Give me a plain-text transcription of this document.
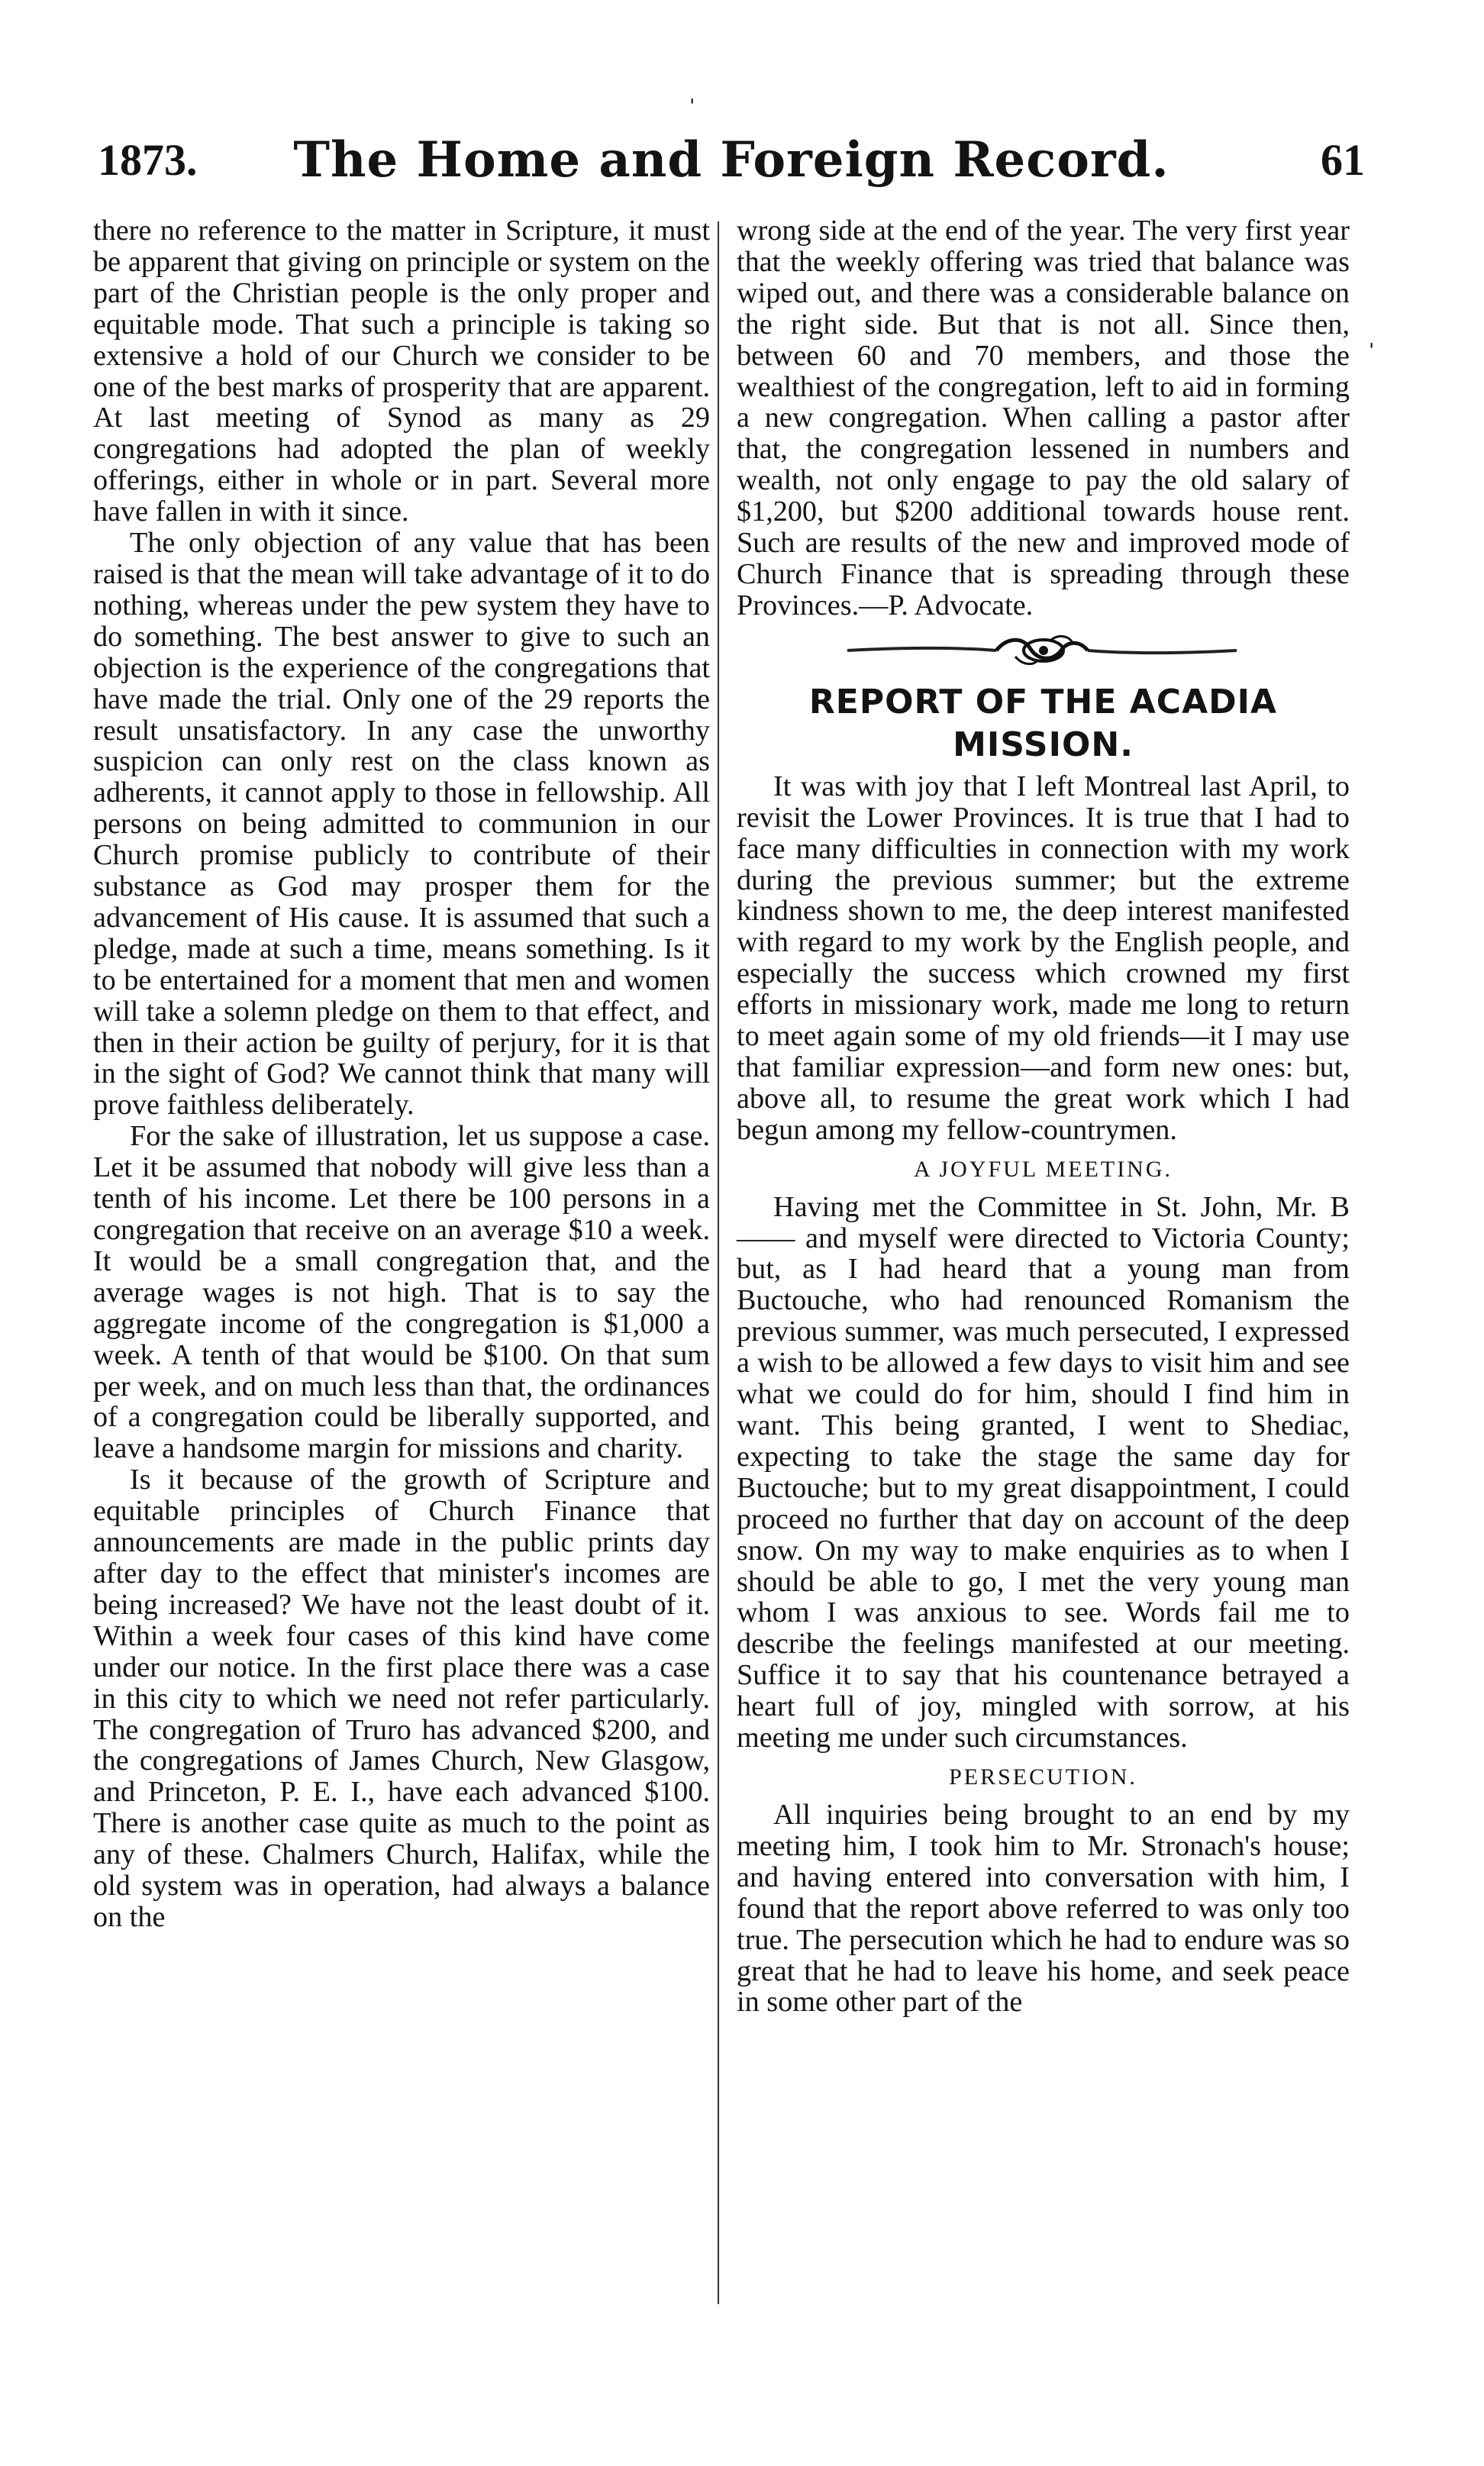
ˈ
1873.	The Home and Foreign Record.	61

there no reference to the matter in Scripture, it must be apparent that giving on principle or system on the part of the Christian people is the only proper and equitable mode. That such a principle is taking so extensive a hold of our Church we consider to be one of the best marks of prosperity that are apparent. At last meeting of Synod as many as 29 congregations had adopted the plan of weekly offerings, either in whole or in part. Several more have fallen in with it since.

The only objection of any value that has been raised is that the mean will take advantage of it to do nothing, whereas under the pew system they have to do something. The best answer to give to such an objection is the experience of the congregations that have made the trial. Only one of the 29 reports the result unsatisfactory. In any case the unworthy suspicion can only rest on the class known as adherents, it cannot apply to those in fellowship. All persons on being admitted to communion in our Church promise publicly to contribute of their substance as God may prosper them for the advancement of His cause. It is assumed that such a pledge, made at such a time, means something. Is it to be entertained for a moment that men and women will take a solemn pledge on them to that effect, and then in their action be guilty of perjury, for it is that in the sight of God? We cannot think that many will prove faithless deliberately.

For the sake of illustration, let us suppose a case. Let it be assumed that nobody will give less than a tenth of his income. Let there be 100 persons in a congregation that receive on an average $10 a week. It would be a small congregation that, and the average wages is not high. That is to say the aggregate income of the congregation is $1,000 a week. A tenth of that would be $100. On that sum per week, and on much less than that, the ordinances of a congregation could be liberally supported, and leave a handsome margin for missions and charity.

Is it because of the growth of Scripture and equitable principles of Church Finance that announcements are made in the public prints day after day to the effect that minister's incomes are being increased? We have not the least doubt of it. Within a week four cases of this kind have come under our notice. In the first place there was a case in this city to which we need not refer particularly. The congregation of Truro has advanced $200, and the congregations of James Church, New Glasgow, and Princeton, P. E. I., have each advanced $100. There is another case quite as much to the point as any of these. Chalmers Church, Halifax, while the old system was in operation, had always a balance on the

ˈ

wrong side at the end of the year. The very first year that the weekly offering was tried that balance was wiped out, and there was a considerable balance on the right side. But that is not all. Since then, between 60 and 70 members, and those the wealthiest of the congregation, left to aid in forming a new congregation. When calling a pastor after that, the congregation lessened in numbers and wealth, not only engage to pay the old salary of $1,200, but $200 additional towards house rent. Such are results of the new and improved mode of Church Finance that is spreading through these Provinces.—P. Advocate.

REPORT OF THE ACADIA MISSION.

It was with joy that I left Montreal last April, to revisit the Lower Provinces. It is true that I had to face many difficulties in connection with my work during the previous summer; but the extreme kindness shown to me, the deep interest manifested with regard to my work by the English people, and especially the success which crowned my first efforts in missionary work, made me long to return to meet again some of my old friends—it I may use that familiar expression—and form new ones: but, above all, to resume the great work which I had begun among my fellow-countrymen.

A JOYFUL MEETING.

Having met the Committee in St. John, Mr. B—— and myself were directed to Victoria County; but, as I had heard that a young man from Buctouche, who had renounced Romanism the previous summer, was much persecuted, I expressed a wish to be allowed a few days to visit him and see what we could do for him, should I find him in want. This being granted, I went to Shediac, expecting to take the stage the same day for Buctouche; but to my great disappointment, I could proceed no further that day on account of the deep snow. On my way to make enquiries as to when I should be able to go, I met the very young man whom I was anxious to see. Words fail me to describe the feelings manifested at our meeting. Suffice it to say that his countenance betrayed a heart full of joy, mingled with sorrow, at his meeting me under such circumstances.

PERSECUTION.

All inquiries being brought to an end by my meeting him, I took him to Mr. Stronach's house; and having entered into conversation with him, I found that the report above referred to was only too true. The persecution which he had to endure was so great that he had to leave his home, and seek peace in some other part of the
